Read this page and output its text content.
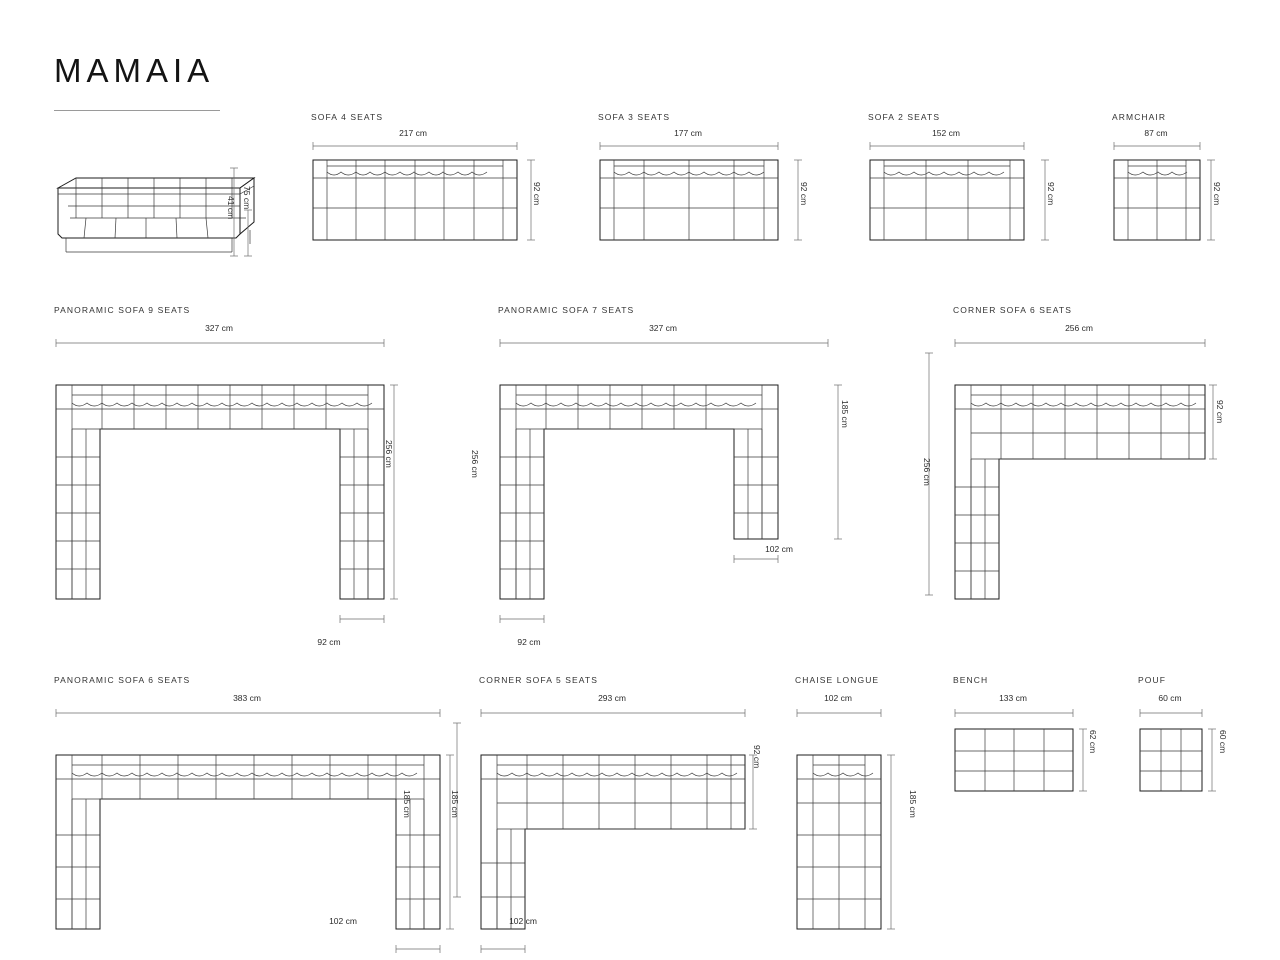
MAMAIA
75 cm
41 cm
SOFA 4 SEATS
217 cm
92 cm
SOFA 3 SEATS
177 cm
92 cm
SOFA 2 SEATS
152 cm
92 cm
ARMCHAIR
87 cm
92 cm
PANORAMIC SOFA 9 SEATS
327 cm
256 cm
92 cm
PANORAMIC SOFA 7 SEATS
327 cm
256 cm
185 cm
102 cm
92 cm
CORNER SOFA 6 SEATS
256 cm
256 cm
92 cm
PANORAMIC SOFA 6 SEATS
383 cm
185 cm
102 cm
CORNER SOFA 5 SEATS
293 cm
185 cm
92 cm
102 cm
CHAISE LONGUE
102 cm
185 cm
BENCH
133 cm
62 cm
POUF
60 cm
60 cm
